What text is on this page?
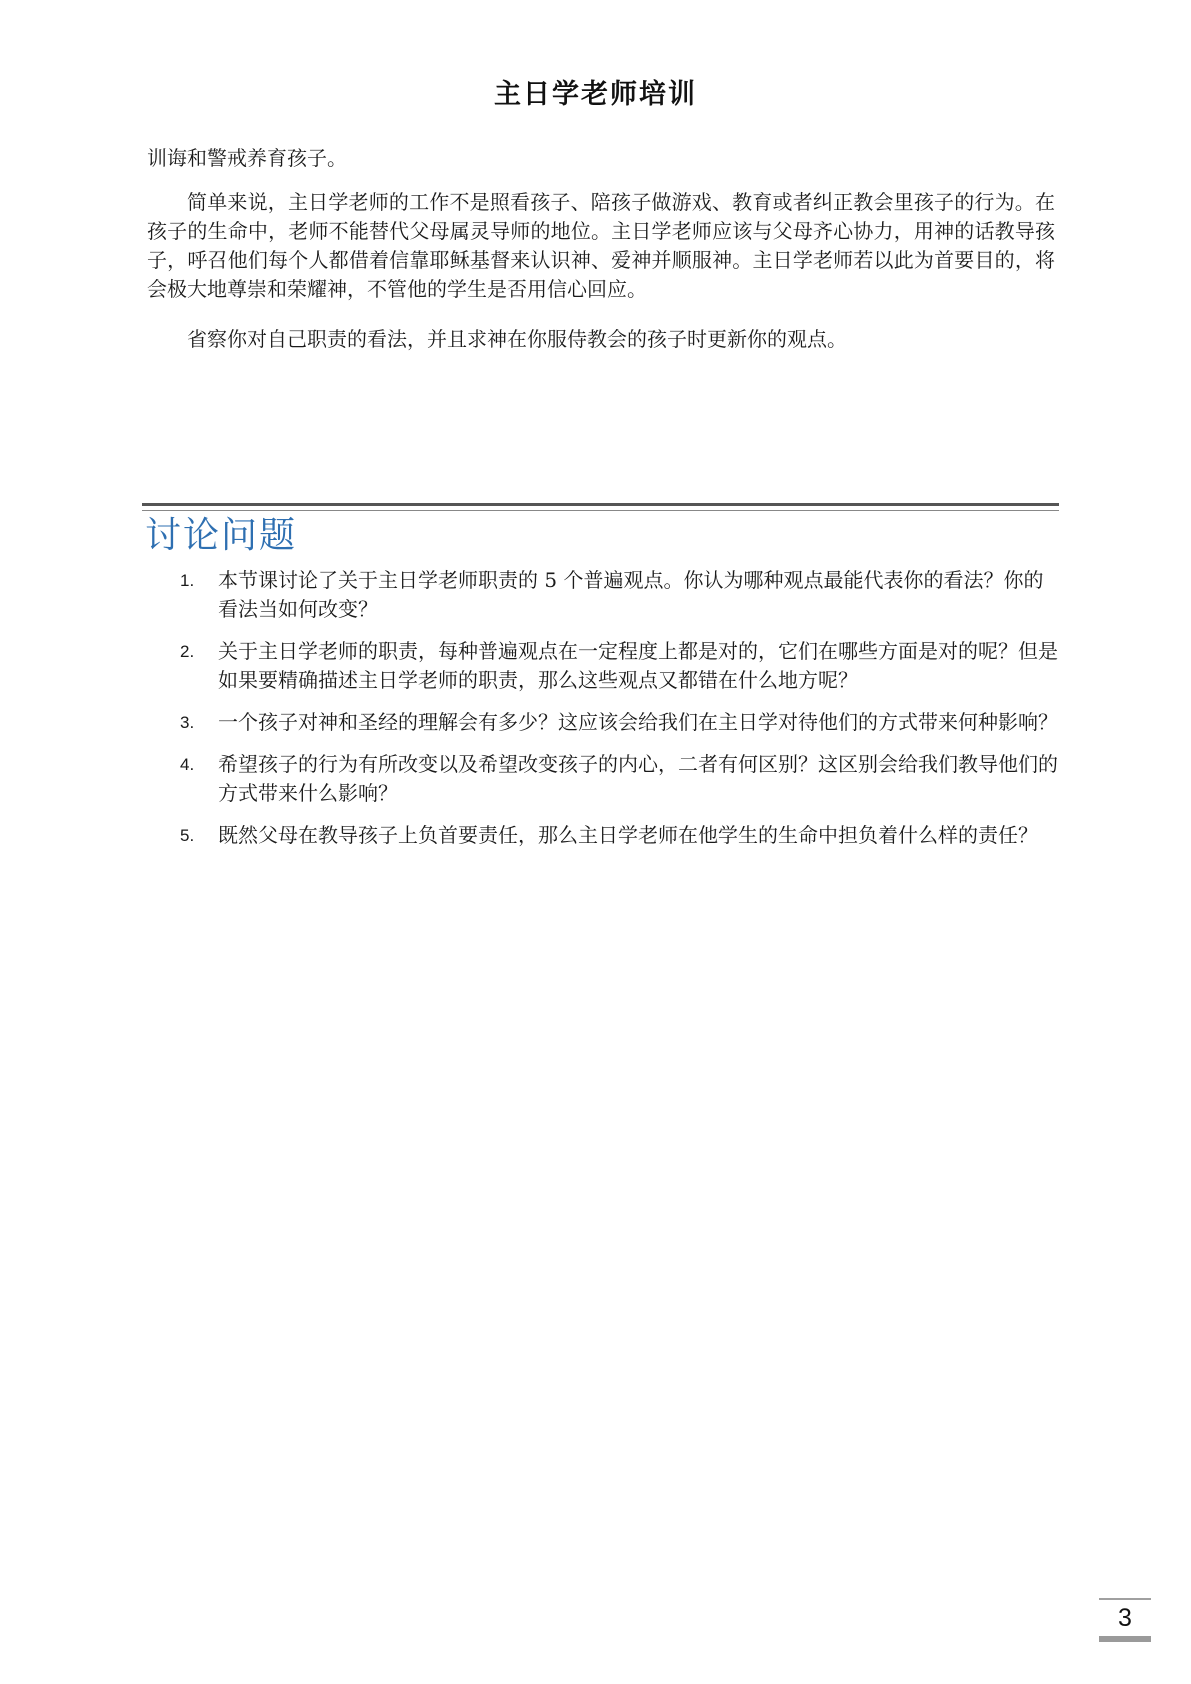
主日学老师培训

训诲和警戒养育孩子。

简单来说，主日学老师的工作不是照看孩子、陪孩子做游戏、教育或者纠正教会里孩子的行为。在孩子的生命中，老师不能替代父母属灵导师的地位。主日学老师应该与父母齐心协力，用神的话教导孩子，呼召他们每个人都借着信靠耶稣基督来认识神、爱神并顺服神。主日学老师若以此为首要目的，将会极大地尊崇和荣耀神，不管他的学生是否用信心回应。

省察你对自己职责的看法，并且求神在你服侍教会的孩子时更新你的观点。

讨论问题
1. 本节课讨论了关于主日学老师职责的 5 个普遍观点。你认为哪种观点最能代表你的看法？你的看法当如何改变？
2. 关于主日学老师的职责，每种普遍观点在一定程度上都是对的，它们在哪些方面是对的呢？但是如果要精确描述主日学老师的职责，那么这些观点又都错在什么地方呢？
3. 一个孩子对神和圣经的理解会有多少？这应该会给我们在主日学对待他们的方式带来何种影响？
4. 希望孩子的行为有所改变以及希望改变孩子的内心，二者有何区别？这区别会给我们教导他们的方式带来什么影响？
5. 既然父母在教导孩子上负首要责任，那么主日学老师在他学生的生命中担负着什么样的责任？
3
